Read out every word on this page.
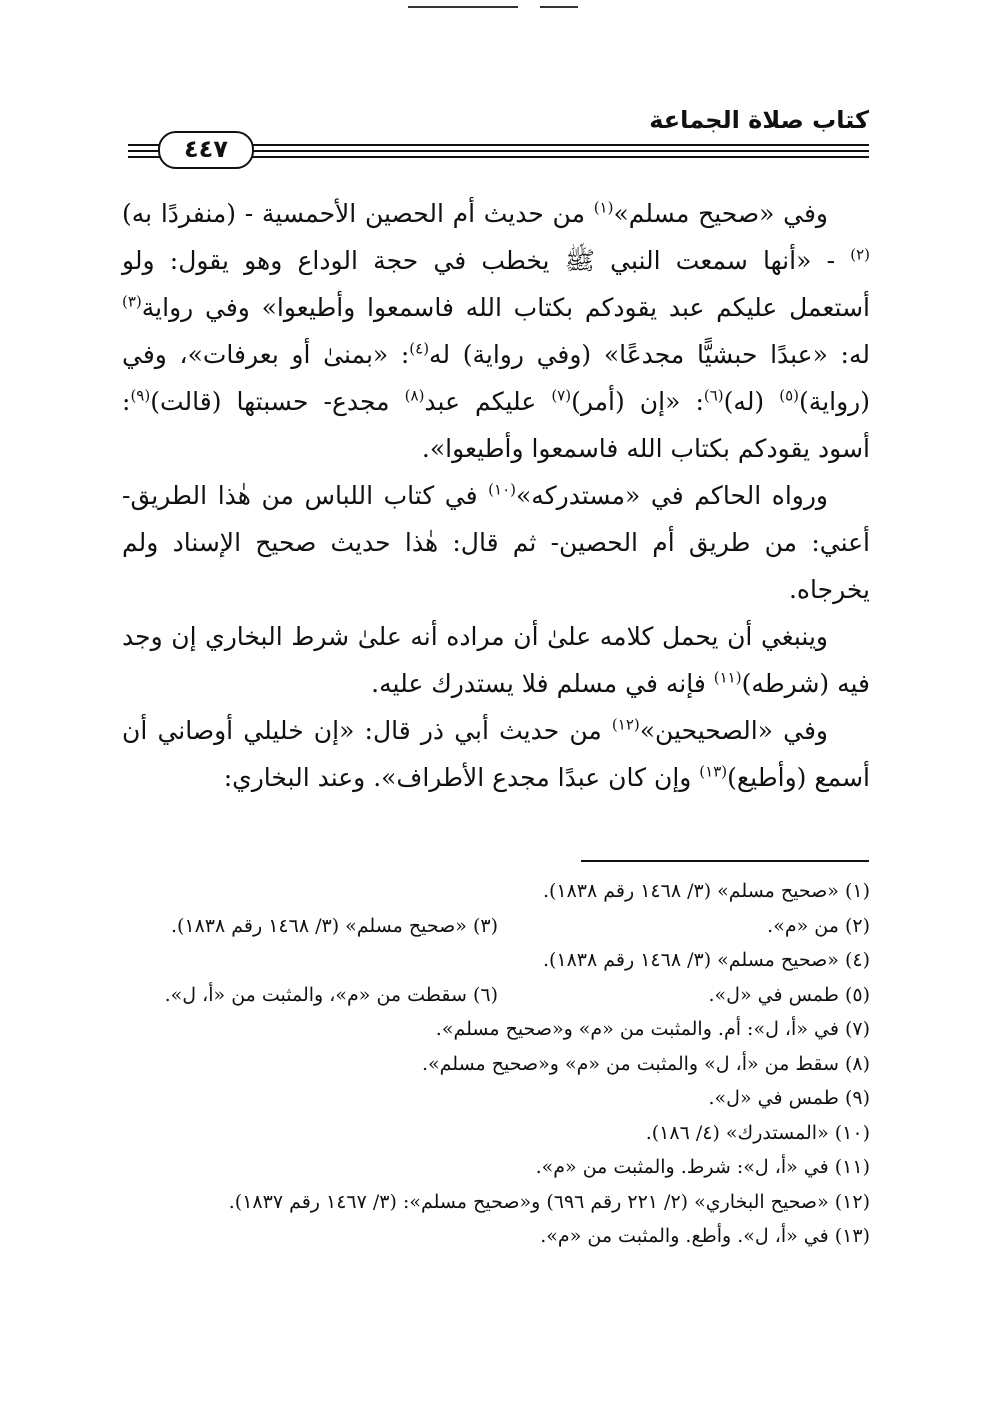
كتاب صلاة الجماعة
٤٤٧

وفي «صحيح مسلم»$^{(١)}$ من حديث أم الحصين الأحمسية - (منفردًا به)$^{(٢)}$ - «أنها سمعت النبي ﷺ يخطب في حجة الوداع وهو يقول: ولو أستعمل عليكم عبد يقودكم بكتاب الله فاسمعوا وأطيعوا» وفي رواية$^{(٣)}$ له: «عبدًا حبشيًّا مجدعًا» (وفي رواية) له$^{(٤)}$: «بمنىٰ أو بعرفات»، وفي (رواية)$^{(٥)}$ (له)$^{(٦)}$: «إن (أمر)$^{(٧)}$ عليكم عبد$^{(٨)}$ مجدع- حسبتها (قالت)$^{(٩)}$: أسود يقودكم بكتاب الله فاسمعوا وأطيعوا».

ورواه الحاكم في «مستدركه»$^{(١٠)}$ في كتاب اللباس من هٰذا الطريق- أعني: من طريق أم الحصين- ثم قال: هٰذا حديث صحيح الإسناد ولم يخرجاه.

وينبغي أن يحمل كلامه علىٰ أن مراده أنه علىٰ شرط البخاري إن وجد فيه (شرطه)$^{(١١)}$ فإنه في مسلم فلا يستدرك عليه.

وفي «الصحيحين»$^{(١٢)}$ من حديث أبي ذر قال: «إن خليلي أوصاني أن أسمع (وأطيع)$^{(١٣)}$ وإن كان عبدًا مجدع الأطراف». وعند البخاري:

(١) «صحيح مسلم» (٣/ ١٤٦٨ رقم ١٨٣٨).
(٢) من «م».
(٣) «صحيح مسلم» (٣/ ١٤٦٨ رقم ١٨٣٨).
(٤) «صحيح مسلم» (٣/ ١٤٦٨ رقم ١٨٣٨).
(٥) طمس في «ل».
(٦) سقطت من «م»، والمثبت من «أ، ل».
(٧) في «أ، ل»: أم. والمثبت من «م» و«صحيح مسلم».
(٨) سقط من «أ، ل» والمثبت من «م» و«صحيح مسلم».
(٩) طمس في «ل».
(١٠) «المستدرك» (٤/ ١٨٦).
(١١) في «أ، ل»: شرط. والمثبت من «م».
(١٢) «صحيح البخاري» (٢/ ٢٢١ رقم ٦٩٦) و«صحيح مسلم»: (٣/ ١٤٦٧ رقم ١٨٣٧).
(١٣) في «أ، ل». وأطع. والمثبت من «م».
